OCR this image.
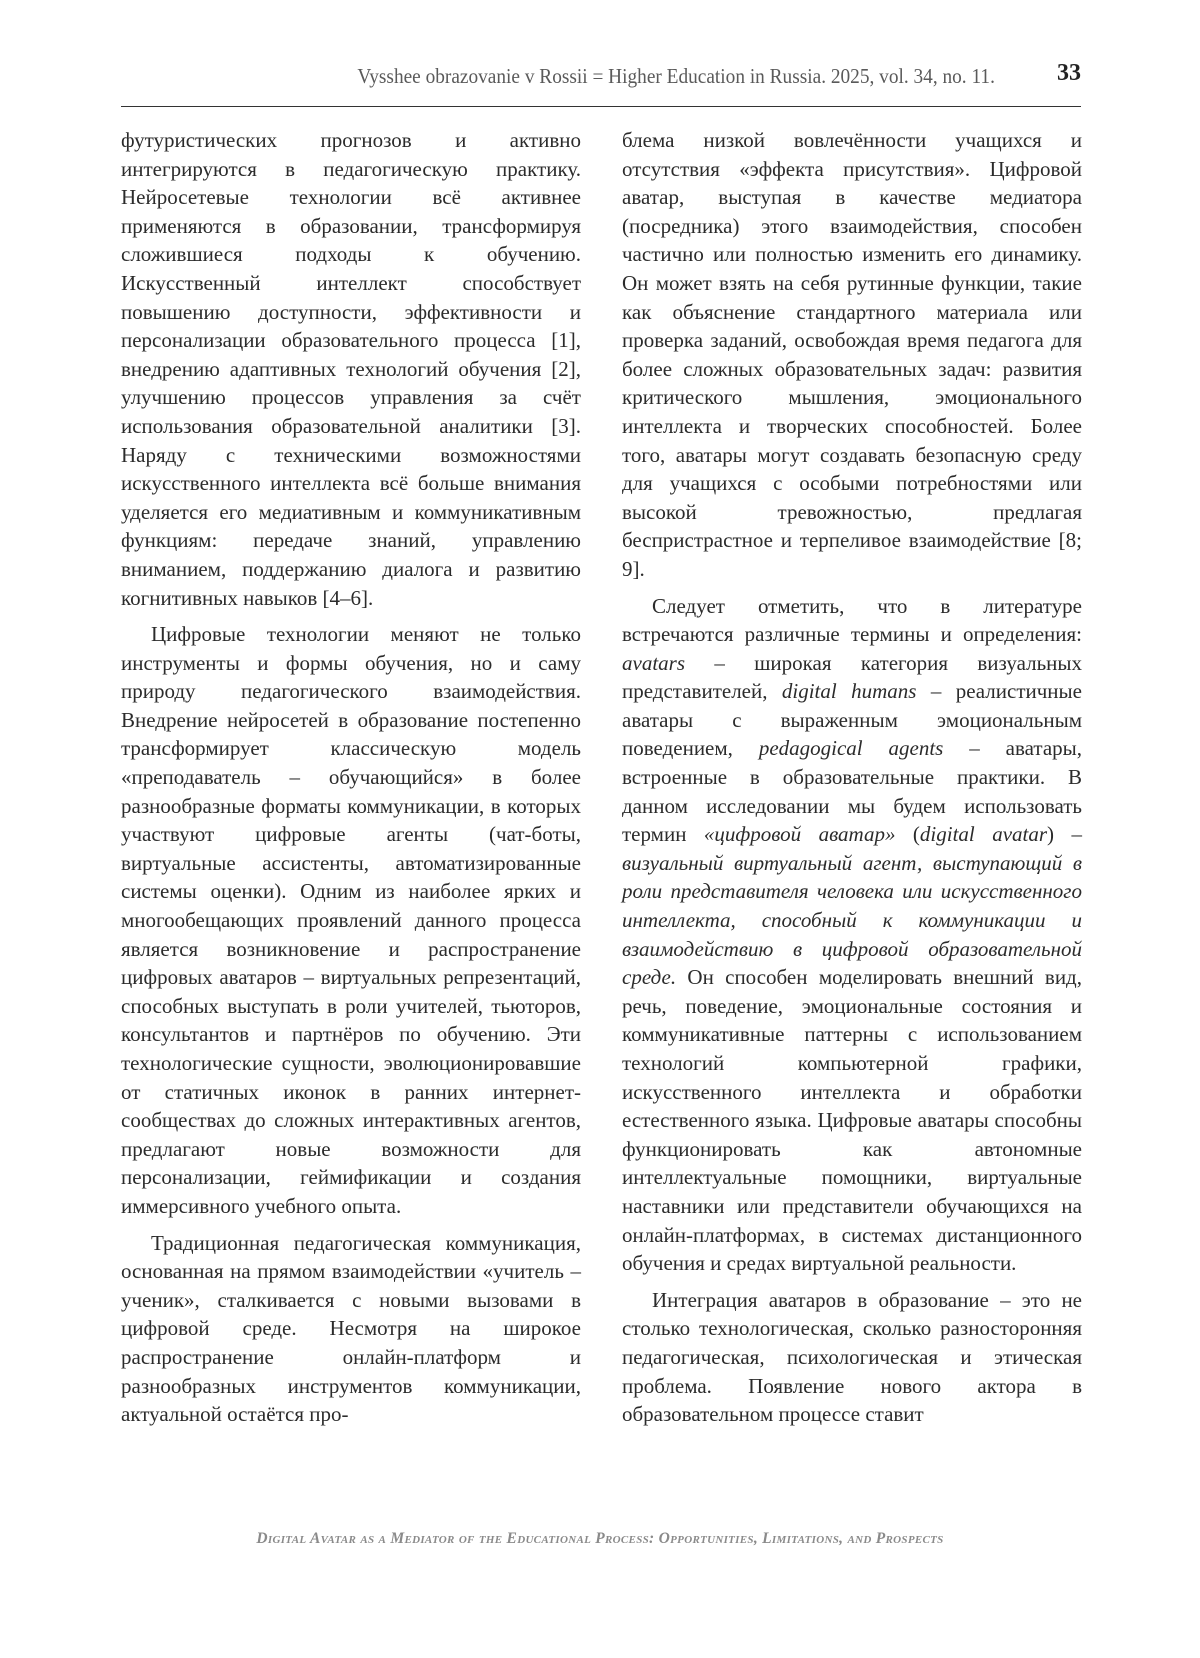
Vysshee obrazovanie v Rossii = Higher Education in Russia. 2025, vol. 34, no. 11.	33

футуристических прогнозов и активно интегрируются в педагогическую практику. Нейросетевые технологии всё активнее применяются в образовании, трансформируя сложившиеся подходы к обучению. Искусственный интеллект способствует повышению доступности, эффективности и персонализации образовательного процесса [1], внедрению адаптивных технологий обучения [2], улучшению процессов управления за счёт использования образовательной аналитики [3]. Наряду с техническими возможностями искусственного интеллекта всё больше внимания уделяется его медиативным и коммуникативным функциям: передаче знаний, управлению вниманием, поддержанию диалога и развитию когнитивных навыков [4–6].

Цифровые технологии меняют не только инструменты и формы обучения, но и саму природу педагогического взаимодействия. Внедрение нейросетей в образование постепенно трансформирует классическую модель «преподаватель – обучающийся» в более разнообразные форматы коммуникации, в которых участвуют цифровые агенты (чат-боты, виртуальные ассистенты, автоматизированные системы оценки). Одним из наиболее ярких и многообещающих проявлений данного процесса является возникновение и распространение цифровых аватаров – виртуальных репрезентаций, способных выступать в роли учителей, тьюторов, консультантов и партнёров по обучению. Эти технологические сущности, эволюционировавшие от статичных иконок в ранних интернет-сообществах до сложных интерактивных агентов, предлагают новые возможности для персонализации, геймификации и создания иммерсивного учебного опыта.

Традиционная педагогическая коммуникация, основанная на прямом взаимодействии «учитель – ученик», сталкивается с новыми вызовами в цифровой среде. Несмотря на широкое распространение онлайн-платформ и разнообразных инструментов коммуникации, актуальной остаётся про-

блема низкой вовлечённости учащихся и отсутствия «эффекта присутствия». Цифровой аватар, выступая в качестве медиатора (посредника) этого взаимодействия, способен частично или полностью изменить его динамику. Он может взять на себя рутинные функции, такие как объяснение стандартного материала или проверка заданий, освобождая время педагога для более сложных образовательных задач: развития критического мышления, эмоционального интеллекта и творческих способностей. Более того, аватары могут создавать безопасную среду для учащихся с особыми потребностями или высокой тревожностью, предлагая беспристрастное и терпеливое взаимодействие [8; 9].

Следует отметить, что в литературе встречаются различные термины и определения: avatars – широкая категория визуальных представителей, digital humans – реалистичные аватары с выраженным эмоциональным поведением, pedagogical agents – аватары, встроенные в образовательные практики. В данном исследовании мы будем использовать термин «цифровой аватар» (digital avatar) – визуальный виртуальный агент, выступающий в роли представителя человека или искусственного интеллекта, способный к коммуникации и взаимодействию в цифровой образовательной среде. Он способен моделировать внешний вид, речь, поведение, эмоциональные состояния и коммуникативные паттерны с использованием технологий компьютерной графики, искусственного интеллекта и обработки естественного языка. Цифровые аватары способны функционировать как автономные интеллектуальные помощники, виртуальные наставники или представители обучающихся на онлайн-платформах, в системах дистанционного обучения и средах виртуальной реальности.

Интеграция аватаров в образование – это не столько технологическая, сколько разносторонняя педагогическая, психологическая и этическая проблема. Появление нового актора в образовательном процессе ставит

Digital Avatar as a Mediator of the Educational Process: Opportunities, Limitations, and Prospects
